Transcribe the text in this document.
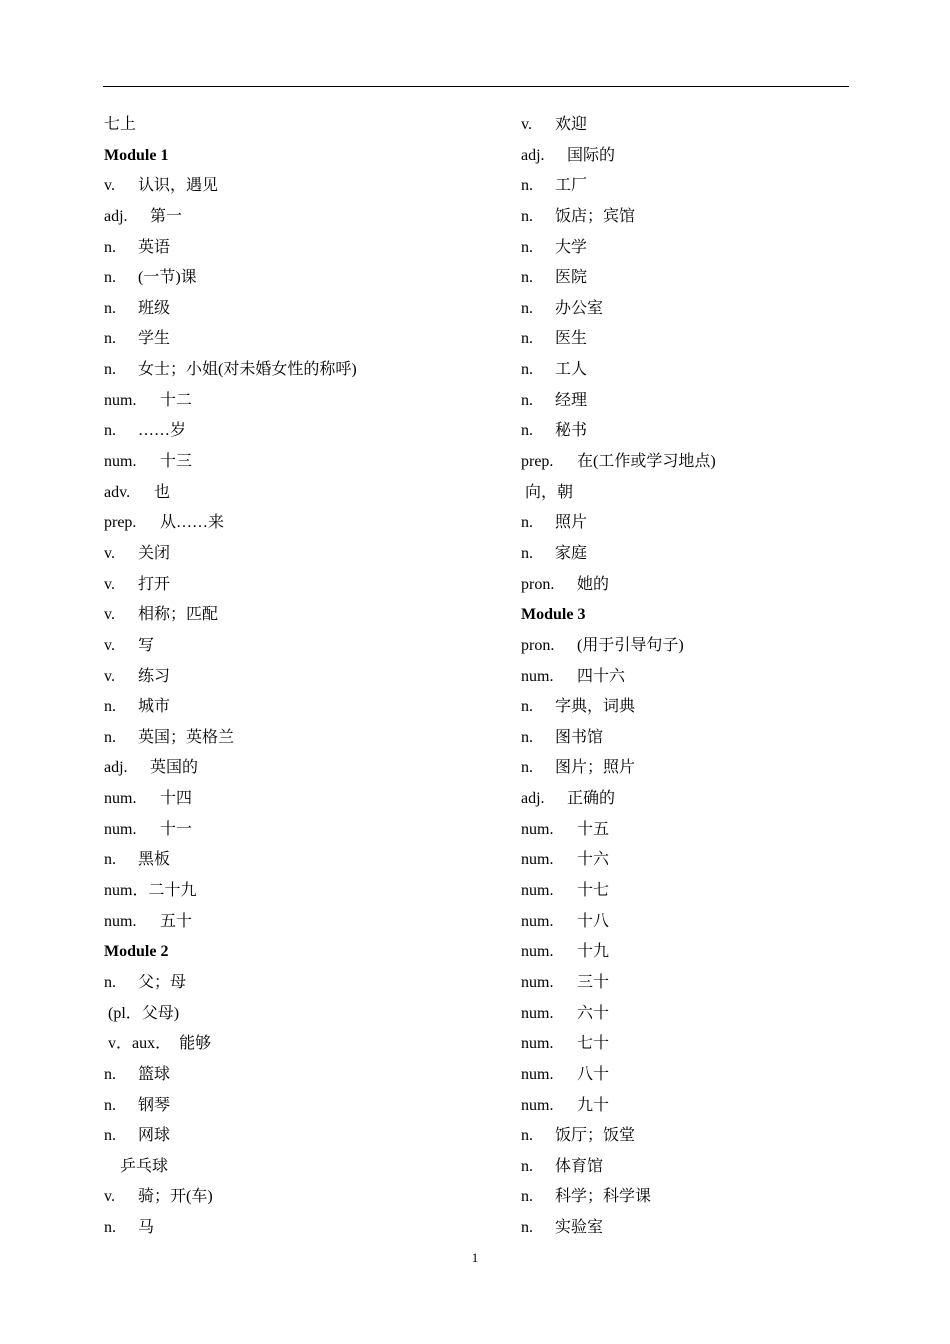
七上
Module 1
v. 认识，遇见
adj. 第一
n. 英语
n. (一节)课
n. 班级
n. 学生
n. 女士；小姐(对未婚女性的称呼)
num. 十二
n. ……岁
num. 十三
adv. 也
prep. 从……来
v. 关闭
v. 打开
v. 相称；匹配
v. 写
v. 练习
n. 城市
n. 英国；英格兰
adj. 英国的
num. 十四
num. 十一
n. 黑板
num．二十九
num. 五十
Module 2
n. 父；母
(pl．父母)
v．aux．  能够
n. 篮球
n. 钢琴
n. 网球
乒乓球
v. 骑；开(车)
n. 马
v. 欢迎
adj. 国际的
n. 工厂
n. 饭店；宾馆
n. 大学
n. 医院
n. 办公室
n. 医生
n. 工人
n. 经理
n. 秘书
prep. 在(工作或学习地点)
向，朝
n. 照片
n. 家庭
pron. 她的
Module 3
pron. (用于引导句子)
num. 四十六
n. 字典，词典
n. 图书馆
n. 图片；照片
adj. 正确的
num. 十五
num. 十六
num. 十七
num. 十八
num. 十九
num. 三十
num. 六十
num. 七十
num. 八十
num. 九十
n. 饭厅；饭堂
n. 体育馆
n. 科学；科学课
n. 实验室
1
